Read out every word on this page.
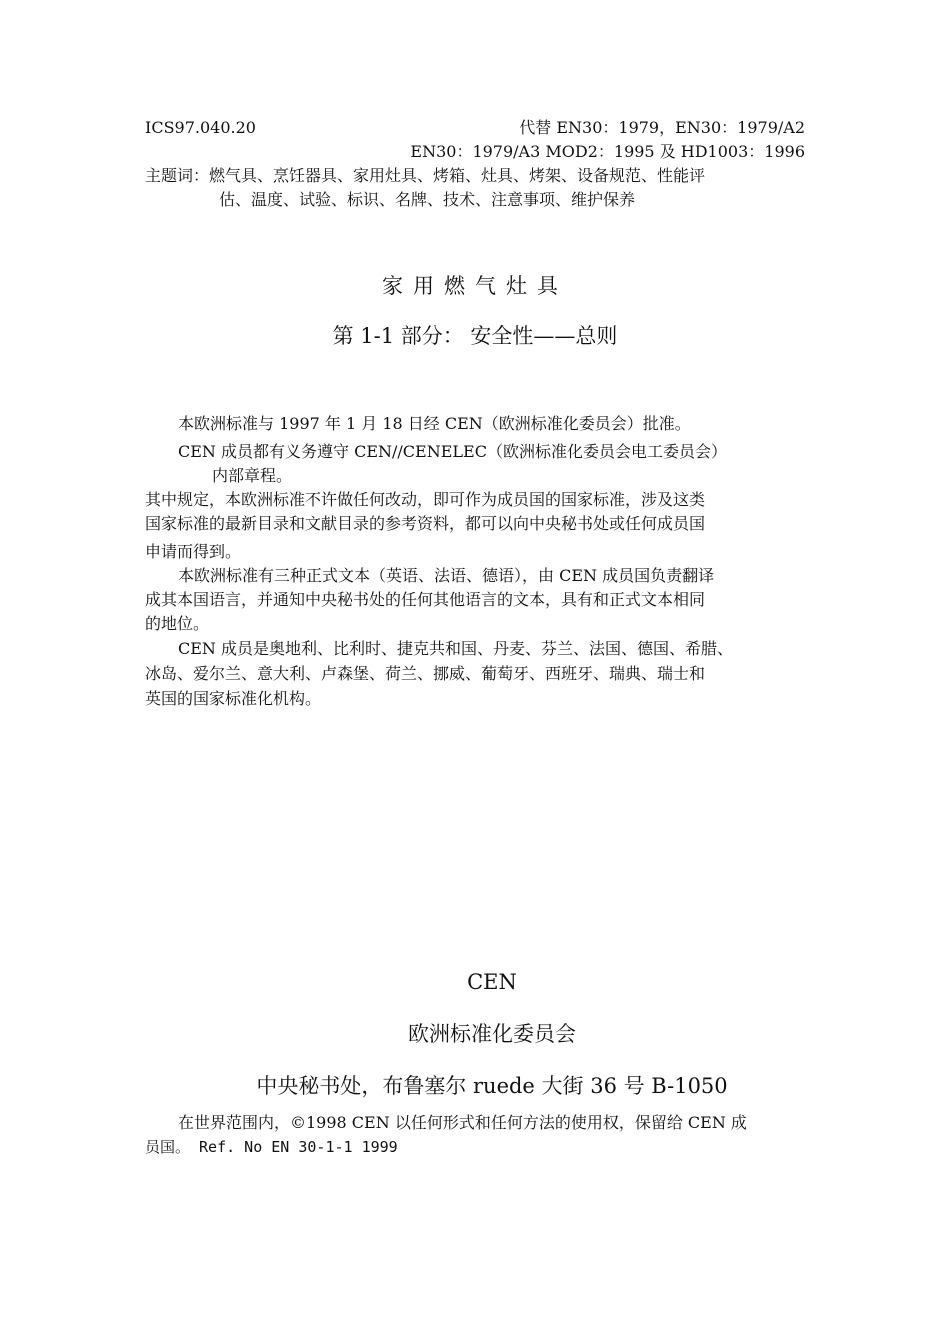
ICS97.040.20	代替 EN30：1979，EN30：1979/A2
EN30：1979/A3 MOD2：1995 及 HD1003：1996
主题词：燃气具、烹饪器具、家用灶具、烤箱、灶具、烤架、设备规范、性能评
估、温度、试验、标识、名牌、技术、注意事项、维护保养
家用燃气灶具
第 1-1 部分： 安全性——总则
本欧洲标准与 1997 年 1 月 18 日经 CEN（欧洲标准化委员会）批准。
CEN 成员都有义务遵守 CEN//CENELEC（欧洲标准化委员会电工委员会）
内部章程。
其中规定，本欧洲标准不许做任何改动，即可作为成员国的国家标准，涉及这类
国家标准的最新目录和文献目录的参考资料，都可以向中央秘书处或任何成员国
申请而得到。
本欧洲标准有三种正式文本（英语、法语、德语），由 CEN 成员国负责翻译
成其本国语言，并通知中央秘书处的任何其他语言的文本，具有和正式文本相同
的地位。
CEN 成员是奥地利、比利时、捷克共和国、丹麦、芬兰、法国、德国、希腊、
冰岛、爱尔兰、意大利、卢森堡、荷兰、挪威、葡萄牙、西班牙、瑞典、瑞士和
英国的国家标准化机构。
CEN
欧洲标准化委员会
中央秘书处，布鲁塞尔 ruede 大街 36 号 B-1050
在世界范围内，©1998 CEN 以任何形式和任何方法的使用权，保留给 CEN 成
员国。 Ref. No EN 30-1-1 1999
